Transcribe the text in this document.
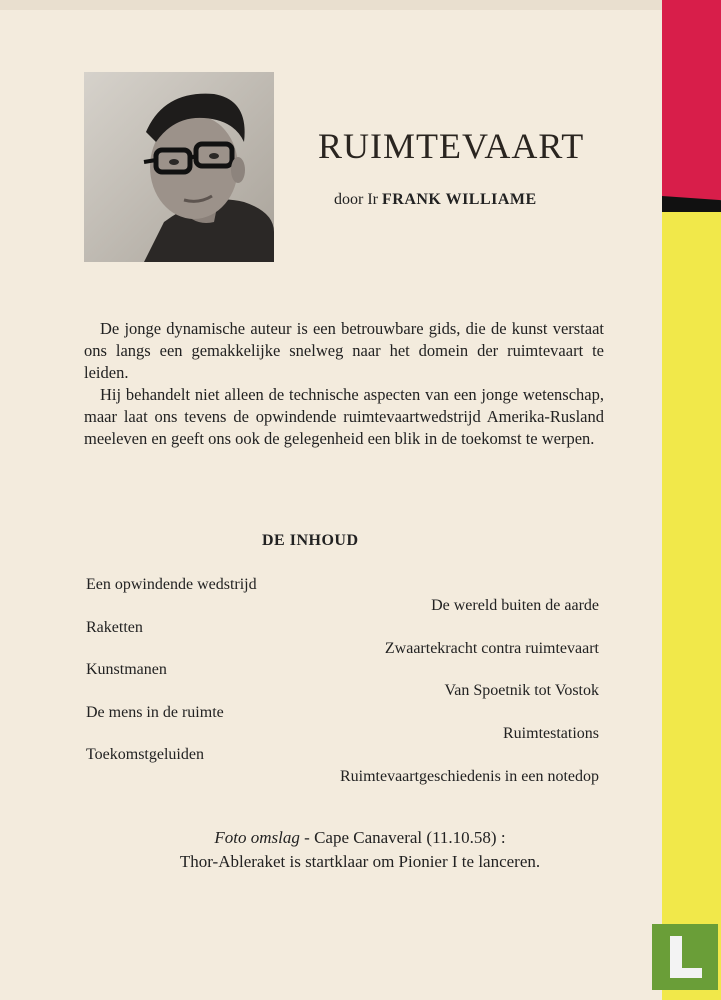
RUIMTEVAART
door Ir FRANK WILLIAME

De jonge dynamische auteur is een betrouwbare gids, die de kunst verstaat ons langs een gemakkelijke snelweg naar het domein der ruimtevaart te leiden.

Hij behandelt niet alleen de technische aspecten van een jonge wetenschap, maar laat ons tevens de opwindende ruimtevaartwedstrijd Amerika-Rusland meeleven en geeft ons ook de gelegenheid een blik in de toekomst te werpen.

DE INHOUD
Een opwindende wedstrijd
De wereld buiten de aarde
Raketten
Zwaartekracht contra ruimtevaart
Kunstmanen
Van Spoetnik tot Vostok
De mens in de ruimte
Ruimtestations
Toekomstgeluiden
Ruimtevaartgeschiedenis in een notedop
Foto omslag - Cape Canaveral (11.10.58) :
Thor-Ableraket is startklaar om Pionier I te lanceren.
